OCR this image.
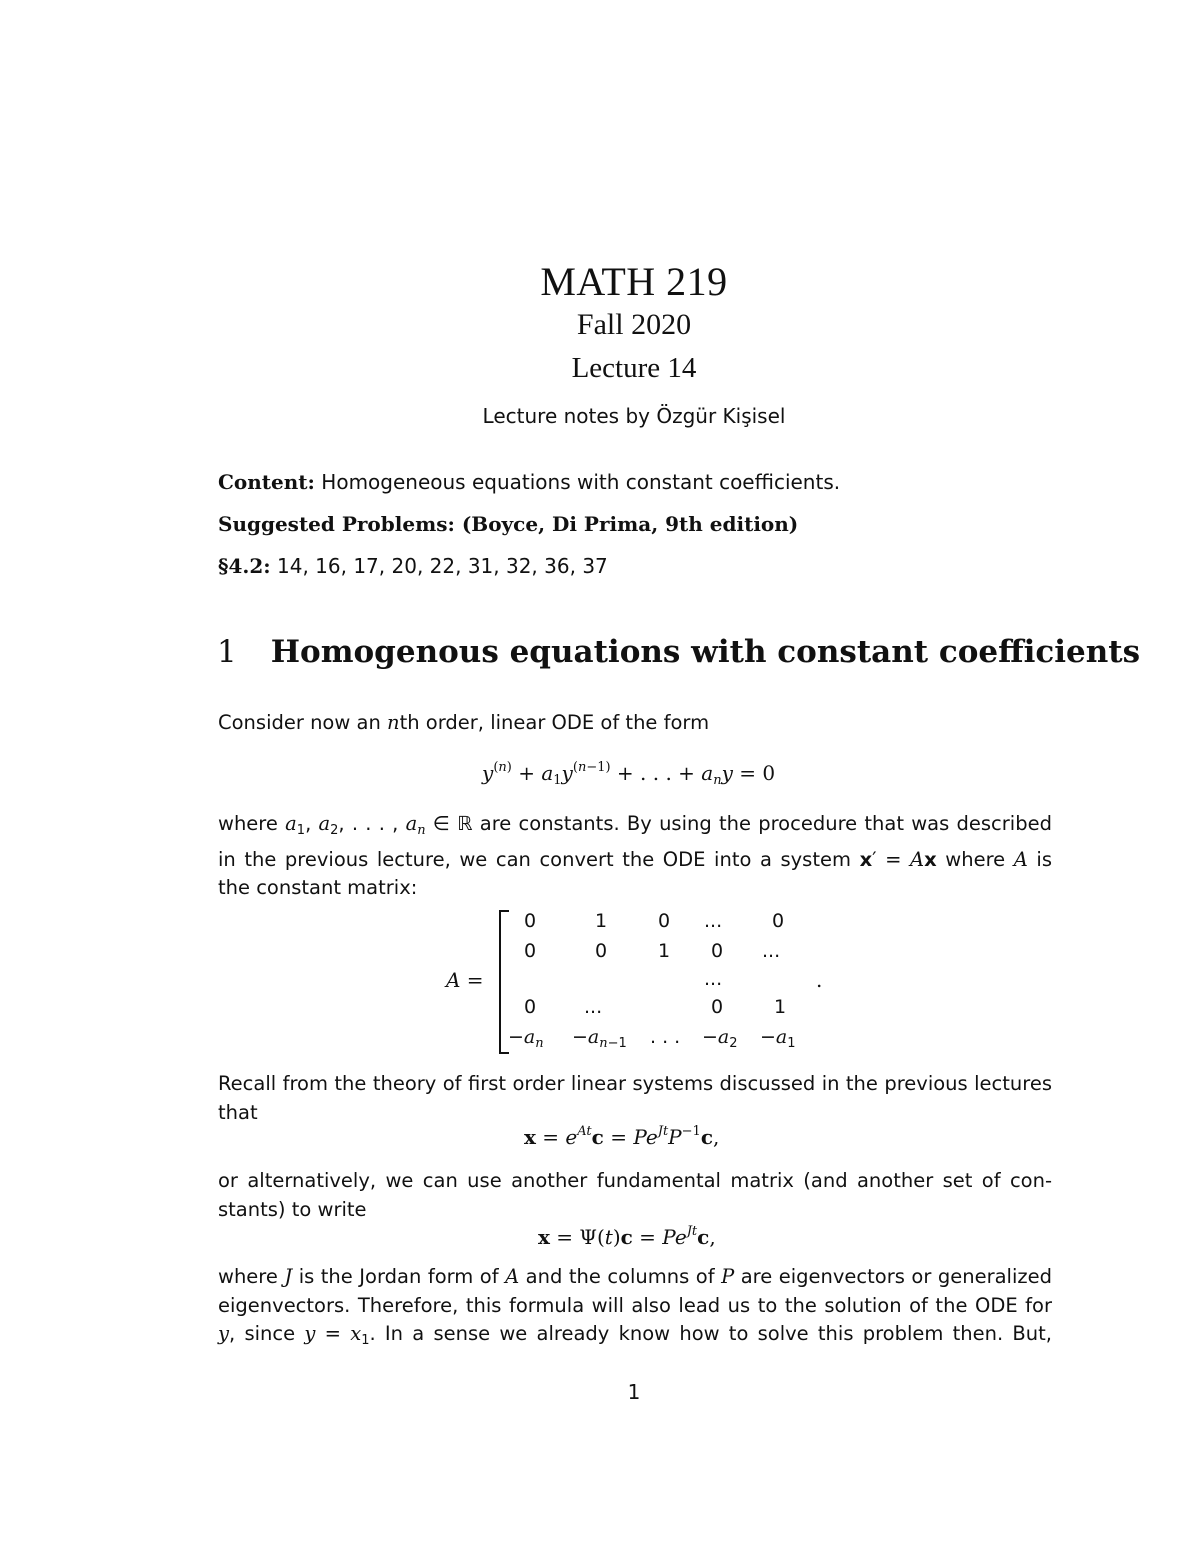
MATH 219
Fall 2020
Lecture 14
Lecture notes by Özgür Kişisel
Content: Homogeneous equations with constant coefficients.
Suggested Problems: (Boyce, Di Prima, 9th edition)
§4.2: 14, 16, 17, 20, 22, 31, 32, 36, 37
1 Homogenous equations with constant coefficients
Consider now an nth order, linear ODE of the form
$y^{(n)} + a_1y^{(n-1)}$ + . . . + $a_ny = 0$
where $a_1$, $a_2$, . . . , $a_n$ ∈ ℝ are constants. By using the procedure that was described
in the previous lecture, we can convert the ODE into a system x′ = Ax where A is
the constant matrix:
A =
0	1	0 ...	0
0	0	1 0 ...
...
0	...	0	1
$-a_n -a_{n-1}$ . . . $-a_2 -a_1$
.
Recall from the theory of first order linear systems discussed in the previous lectures
that
$x = e^{At}c = Pe^{Jt}P^{-1}c$,
or alternatively, we can use another fundamental matrix (and another set of con-
stants) to write
$x = \Psi(t)c = Pe^{Jt}c$,
where J is the Jordan form of A and the columns of P are eigenvectors or generalized
eigenvectors. Therefore, this formula will also lead us to the solution of the ODE for
y, since $y = x_1$. In a sense we already know how to solve this problem then. But,
1
